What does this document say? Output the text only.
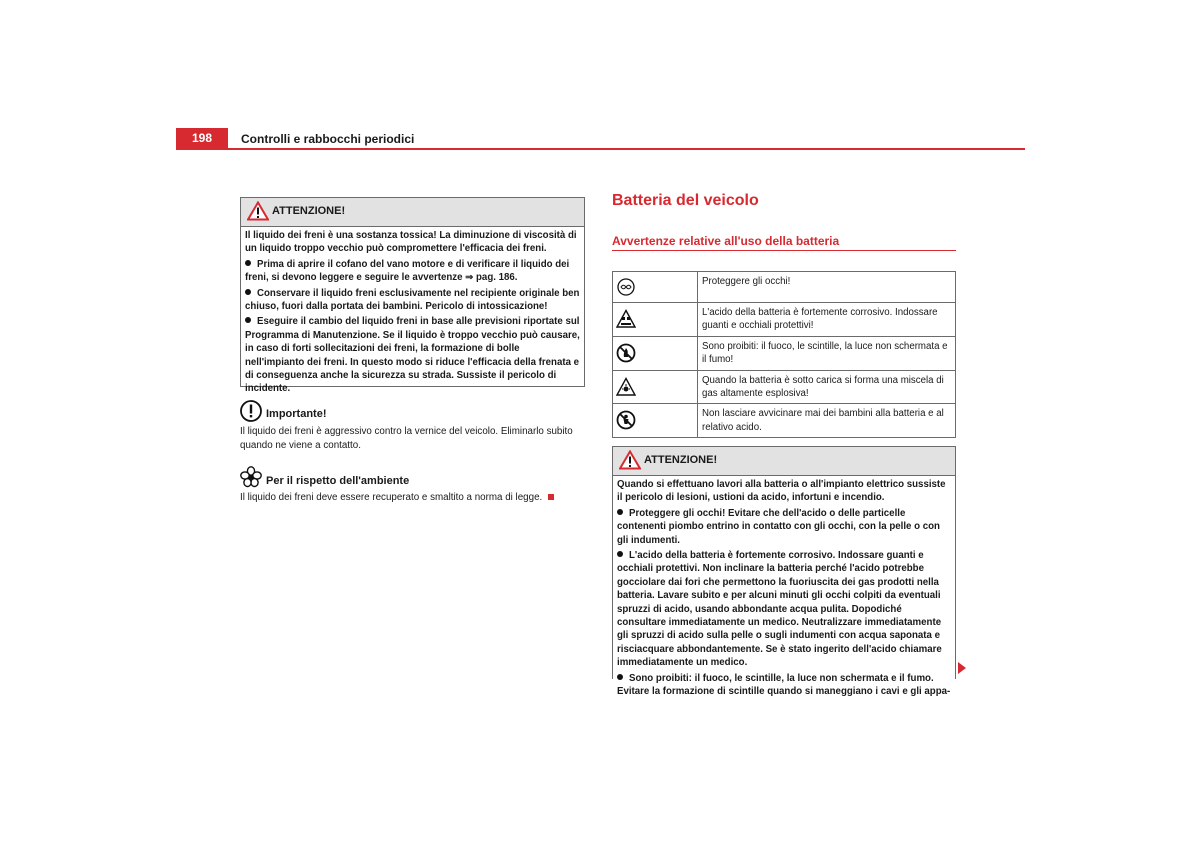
198	Controlli e rabbocchi periodici
ATTENZIONE!

Il liquido dei freni è una sostanza tossica! La diminuzione di viscosità di un liquido troppo vecchio può compromettere l'efficacia dei freni.

Prima di aprire il cofano del vano motore e di verificare il liquido dei freni, si devono leggere e seguire le avvertenze ⇒ pag. 186.

Conservare il liquido freni esclusivamente nel recipiente originale ben chiuso, fuori dalla portata dei bambini. Pericolo di intossicazione!

Eseguire il cambio del liquido freni in base alle previsioni riportate sul Programma di Manutenzione. Se il liquido è troppo vecchio può causare, in caso di forti sollecitazioni dei freni, la formazione di bolle nell'impianto dei freni. In questo modo si riduce l'efficacia della frenata e di conseguenza anche la sicurezza su strada. Sussiste il pericolo di incidente.

Importante!
Il liquido dei freni è aggressivo contro la vernice del veicolo. Eliminarlo subito quando ne viene a contatto.
Per il rispetto dell'ambiente
Il liquido dei freni deve essere recuperato e smaltito a norma di legge.
Batteria del veicolo
Avvertenze relative all'uso della batteria
	Proteggere gli occhi!

	L'acido della batteria è fortemente corrosivo. Indossare guanti e occhiali protettivi!

	Sono proibiti: il fuoco, le scintille, la luce non schermata e il fumo!

	Quando la batteria è sotto carica si forma una miscela di gas altamente esplosiva!

	Non lasciare avvicinare mai dei bambini alla batteria e al relativo acido.
ATTENZIONE!

Quando si effettuano lavori alla batteria o all'impianto elettrico sussiste il pericolo di lesioni, ustioni da acido, infortuni e incendio.

Proteggere gli occhi! Evitare che dell'acido o delle particelle contenenti piombo entrino in contatto con gli occhi, con la pelle o con gli indumenti.

L'acido della batteria è fortemente corrosivo. Indossare guanti e occhiali protettivi. Non inclinare la batteria perché l'acido potrebbe gocciolare dai fori che permettono la fuoriuscita dei gas prodotti nella batteria. Lavare subito e per alcuni minuti gli occhi colpiti da eventuali spruzzi di acido, usando abbondante acqua pulita. Dopodiché consultare immediatamente un medico. Neutralizzare immediatamente gli spruzzi di acido sulla pelle o sugli indumenti con acqua saponata e risciacquare abbondantemente. Se è stato ingerito dell'acido chiamare immediatamente un medico.

Sono proibiti: il fuoco, le scintille, la luce non schermata e il fumo. Evitare la formazione di scintille quando si maneggiano i cavi e gli appa-
